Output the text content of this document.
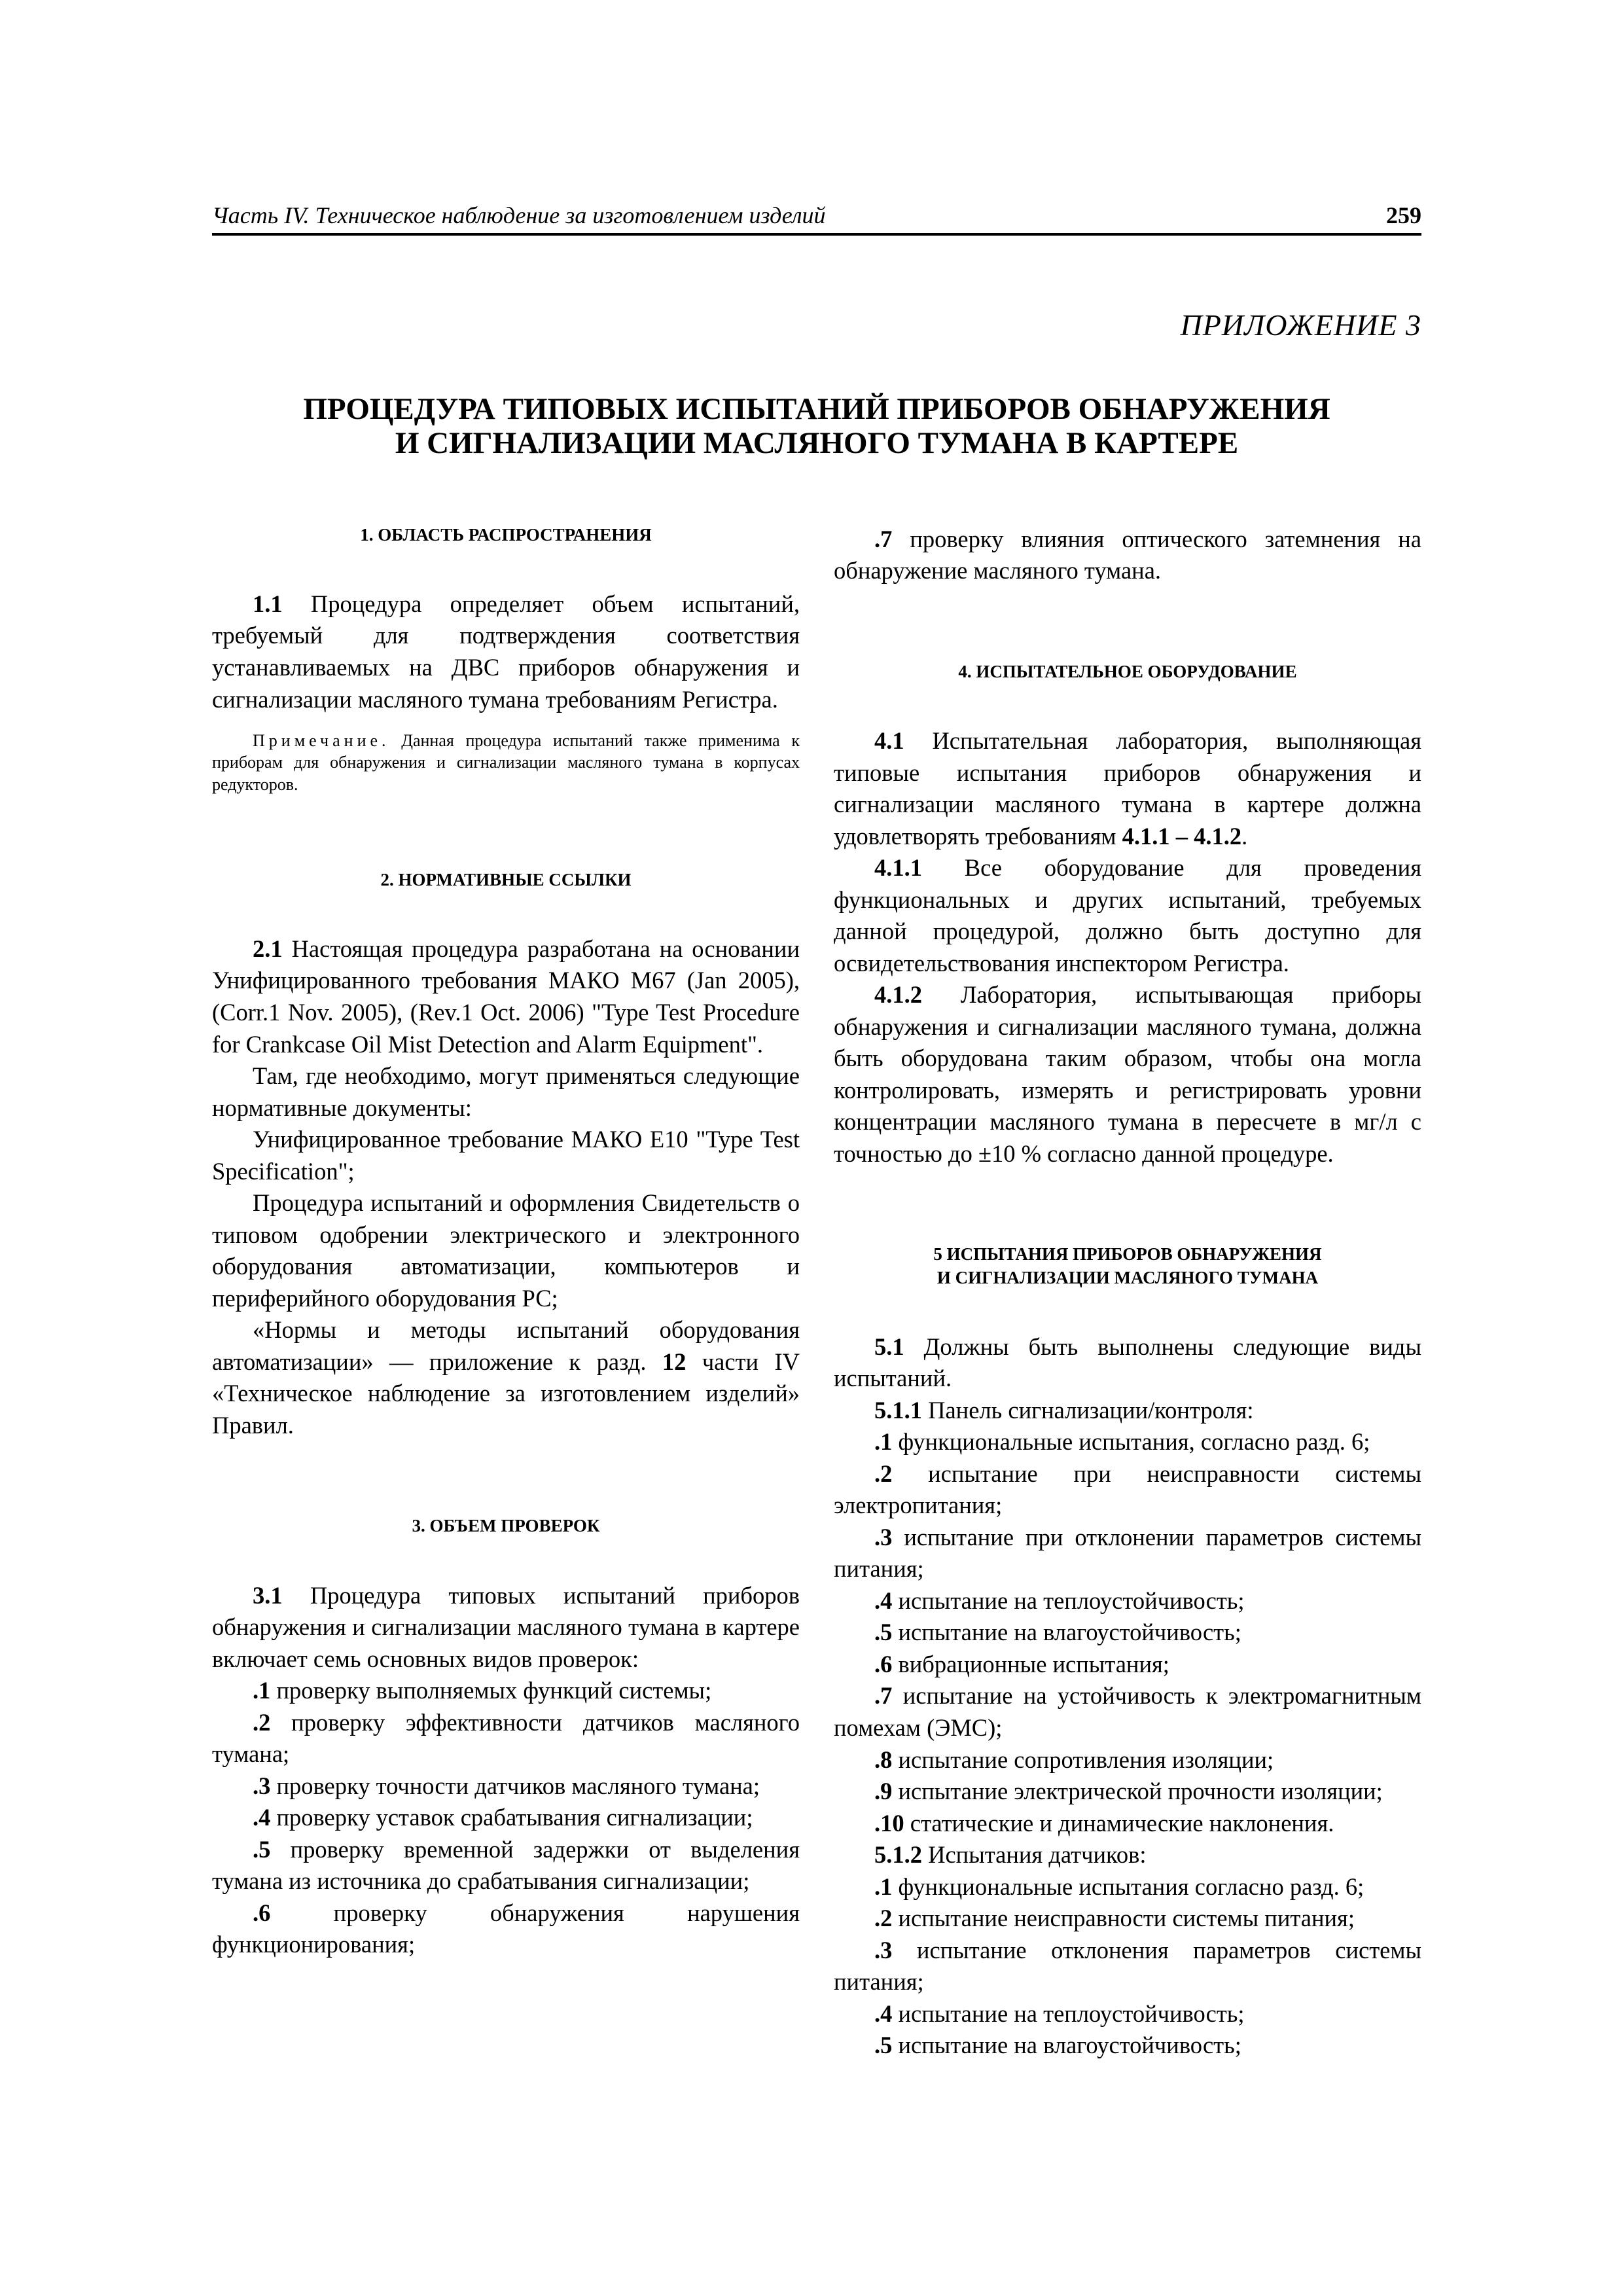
Часть IV. Техническое наблюдение за изготовлением изделий	259
ПРИЛОЖЕНИЕ 3
ПРОЦЕДУРА ТИПОВЫХ ИСПЫТАНИЙ ПРИБОРОВ ОБНАРУЖЕНИЯ
И СИГНАЛИЗАЦИИ МАСЛЯНОГО ТУМАНА В КАРТЕРЕ

1. ОБЛАСТЬ РАСПРОСТРАНЕНИЯ

1.1 Процедура определяет объем испытаний, требуемый для подтверждения соответствия устанавливаемых на ДВС приборов обнаружения и сигнализации масляного тумана требованиям Регистра.

Примечание. Данная процедура испытаний также применима к приборам для обнаружения и сигнализации масляного тумана в корпусах редукторов.

2. НОРМАТИВНЫЕ ССЫЛКИ

2.1 Настоящая процедура разработана на основании Унифицированного требования МАКО М67 (Jan 2005), (Corr.1 Nov. 2005), (Rev.1 Oct. 2006) "Type Test Procedure for Crankcase Oil Mist Detection and Alarm Equipment".

Там, где необходимо, могут применяться следующие нормативные документы:

Унифицированное требование МАКО Е10 "Type Test Specification";

Процедура испытаний и оформления Свидетельств о типовом одобрении электрического и электронного оборудования автоматизации, компьютеров и периферийного оборудования РС;

«Нормы и методы испытаний оборудования автоматизации» — приложение к разд. 12 части IV «Техническое наблюдение за изготовлением изделий» Правил.

3. ОБЪЕМ ПРОВЕРОК

3.1 Процедура типовых испытаний приборов обнаружения и сигнализации масляного тумана в картере включает семь основных видов проверок:

.1 проверку выполняемых функций системы;

.2 проверку эффективности датчиков масляного тумана;

.3 проверку точности датчиков масляного тумана;

.4 проверку уставок срабатывания сигнализации;

.5 проверку временной задержки от выделения тумана из источника до срабатывания сигнализации;

.6 проверку обнаружения нарушения функционирования;

.7 проверку влияния оптического затемнения на обнаружение масляного тумана.

4. ИСПЫТАТЕЛЬНОЕ ОБОРУДОВАНИЕ

4.1 Испытательная лаборатория, выполняющая типовые испытания приборов обнаружения и сигнализации масляного тумана в картере должна удовлетворять требованиям 4.1.1 – 4.1.2.

4.1.1 Все оборудование для проведения функциональных и других испытаний, требуемых данной процедурой, должно быть доступно для освидетельствования инспектором Регистра.

4.1.2 Лаборатория, испытывающая приборы обнаружения и сигнализации масляного тумана, должна быть оборудована таким образом, чтобы она могла контролировать, измерять и регистрировать уровни концентрации масляного тумана в пересчете в мг/л с точностью до ±10 % согласно данной процедуре.

5 ИСПЫТАНИЯ ПРИБОРОВ ОБНАРУЖЕНИЯ
И СИГНАЛИЗАЦИИ МАСЛЯНОГО ТУМАНА

5.1 Должны быть выполнены следующие виды испытаний.

5.1.1 Панель сигнализации/контроля:

.1 функциональные испытания, согласно разд. 6;

.2 испытание при неисправности системы электропитания;

.3 испытание при отклонении параметров системы питания;

.4 испытание на теплоустойчивость;

.5 испытание на влагоустойчивость;

.6 вибрационные испытания;

.7 испытание на устойчивость к электромагнитным помехам (ЭМС);

.8 испытание сопротивления изоляции;

.9 испытание электрической прочности изоляции;

.10 статические и динамические наклонения.

5.1.2 Испытания датчиков:

.1 функциональные испытания согласно разд. 6;

.2 испытание неисправности системы питания;

.3 испытание отклонения параметров системы питания;

.4 испытание на теплоустойчивость;

.5 испытание на влагоустойчивость;
